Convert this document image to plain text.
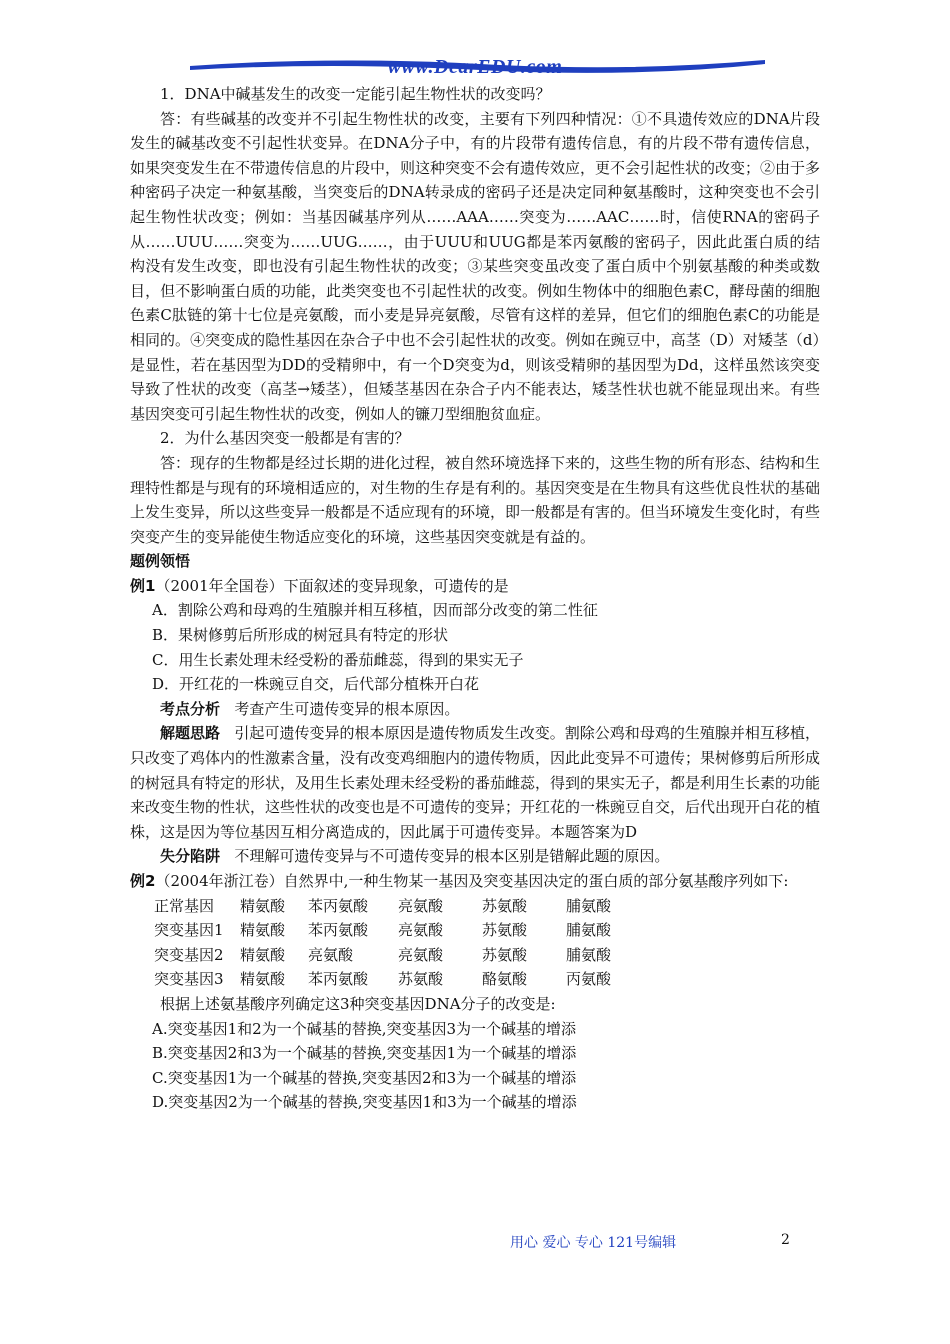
www.DearEDU.com

1．DNA中碱基发生的改变一定能引起生物性状的改变吗？

答：有些碱基的改变并不引起生物性状的改变，主要有下列四种情况：①不具遗传效应的DNA片段发生的碱基改变不引起性状变异。在DNA分子中，有的片段带有遗传信息，有的片段不带有遗传信息，如果突变发生在不带遗传信息的片段中，则这种突变不会有遗传效应，更不会引起性状的改变；②由于多种密码子决定一种氨基酸，当突变后的DNA转录成的密码子还是决定同种氨基酸时，这种突变也不会引起生物性状改变；例如：当基因碱基序列从……AAA……突变为……AAC……时，信使RNA的密码子从……UUU……突变为……UUG……，由于UUU和UUG都是苯丙氨酸的密码子，因此此蛋白质的结构没有发生改变，即也没有引起生物性状的改变；③某些突变虽改变了蛋白质中个别氨基酸的种类或数目，但不影响蛋白质的功能，此类突变也不引起性状的改变。例如生物体中的细胞色素C，酵母菌的细胞色素C肽链的第十七位是亮氨酸，而小麦是异亮氨酸，尽管有这样的差异，但它们的细胞色素C的功能是相同的。④突变成的隐性基因在杂合子中也不会引起性状的改变。例如在豌豆中，高茎（D）对矮茎（d）是显性，若在基因型为DD的受精卵中，有一个D突变为d，则该受精卵的基因型为Dd，这样虽然该突变导致了性状的改变（高茎→矮茎），但矮茎基因在杂合子内不能表达，矮茎性状也就不能显现出来。有些基因突变可引起生物性状的改变，例如人的镰刀型细胞贫血症。

2．为什么基因突变一般都是有害的？

答：现存的生物都是经过长期的进化过程，被自然环境选择下来的，这些生物的所有形态、结构和生理特性都是与现有的环境相适应的，对生物的生存是有利的。基因突变是在生物具有这些优良性状的基础上发生变异，所以这些变异一般都是不适应现有的环境，即一般都是有害的。但当环境发生变化时，有些突变产生的变异能使生物适应变化的环境，这些基因突变就是有益的。

题例领悟

例1（2001年全国卷）下面叙述的变异现象，可遗传的是

A．割除公鸡和母鸡的生殖腺并相互移植，因而部分改变的第二性征

B．果树修剪后所形成的树冠具有特定的形状

C．用生长素处理未经受粉的番茄雌蕊，得到的果实无子

D．开红花的一株豌豆自交，后代部分植株开白花

考点分析 考查产生可遗传变异的根本原因。

解题思路 引起可遗传变异的根本原因是遗传物质发生改变。割除公鸡和母鸡的生殖腺并相互移植，只改变了鸡体内的性激素含量，没有改变鸡细胞内的遗传物质，因此此变异不可遗传；果树修剪后所形成的树冠具有特定的形状，及用生长素处理未经受粉的番茄雌蕊，得到的果实无子，都是利用生长素的功能来改变生物的性状，这些性状的改变也是不可遗传的变异；开红花的一株豌豆自交，后代出现开白花的植株，这是因为等位基因互相分离造成的，因此属于可遗传变异。本题答案为D

失分陷阱 不理解可遗传变异与不可遗传变异的根本区别是错解此题的原因。

例2（2004年浙江卷）自然界中,一种生物某一基因及突变基因决定的蛋白质的部分氨基酸序列如下:

正常基因	精氨酸	苯丙氨酸	亮氨酸	苏氨酸	脯氨酸
突变基因1	精氨酸	苯丙氨酸	亮氨酸	苏氨酸	脯氨酸
突变基因2	精氨酸	亮氨酸	亮氨酸	苏氨酸	脯氨酸
突变基因3	精氨酸	苯丙氨酸	苏氨酸	酪氨酸	丙氨酸

根据上述氨基酸序列确定这3种突变基因DNA分子的改变是:

A.突变基因1和2为一个碱基的替换,突变基因3为一个碱基的增添

B.突变基因2和3为一个碱基的替换,突变基因1为一个碱基的增添

C.突变基因1为一个碱基的替换,突变基因2和3为一个碱基的增添

D.突变基因2为一个碱基的替换,突变基因1和3为一个碱基的增添

用心 爱心 专心 121号编辑	2
